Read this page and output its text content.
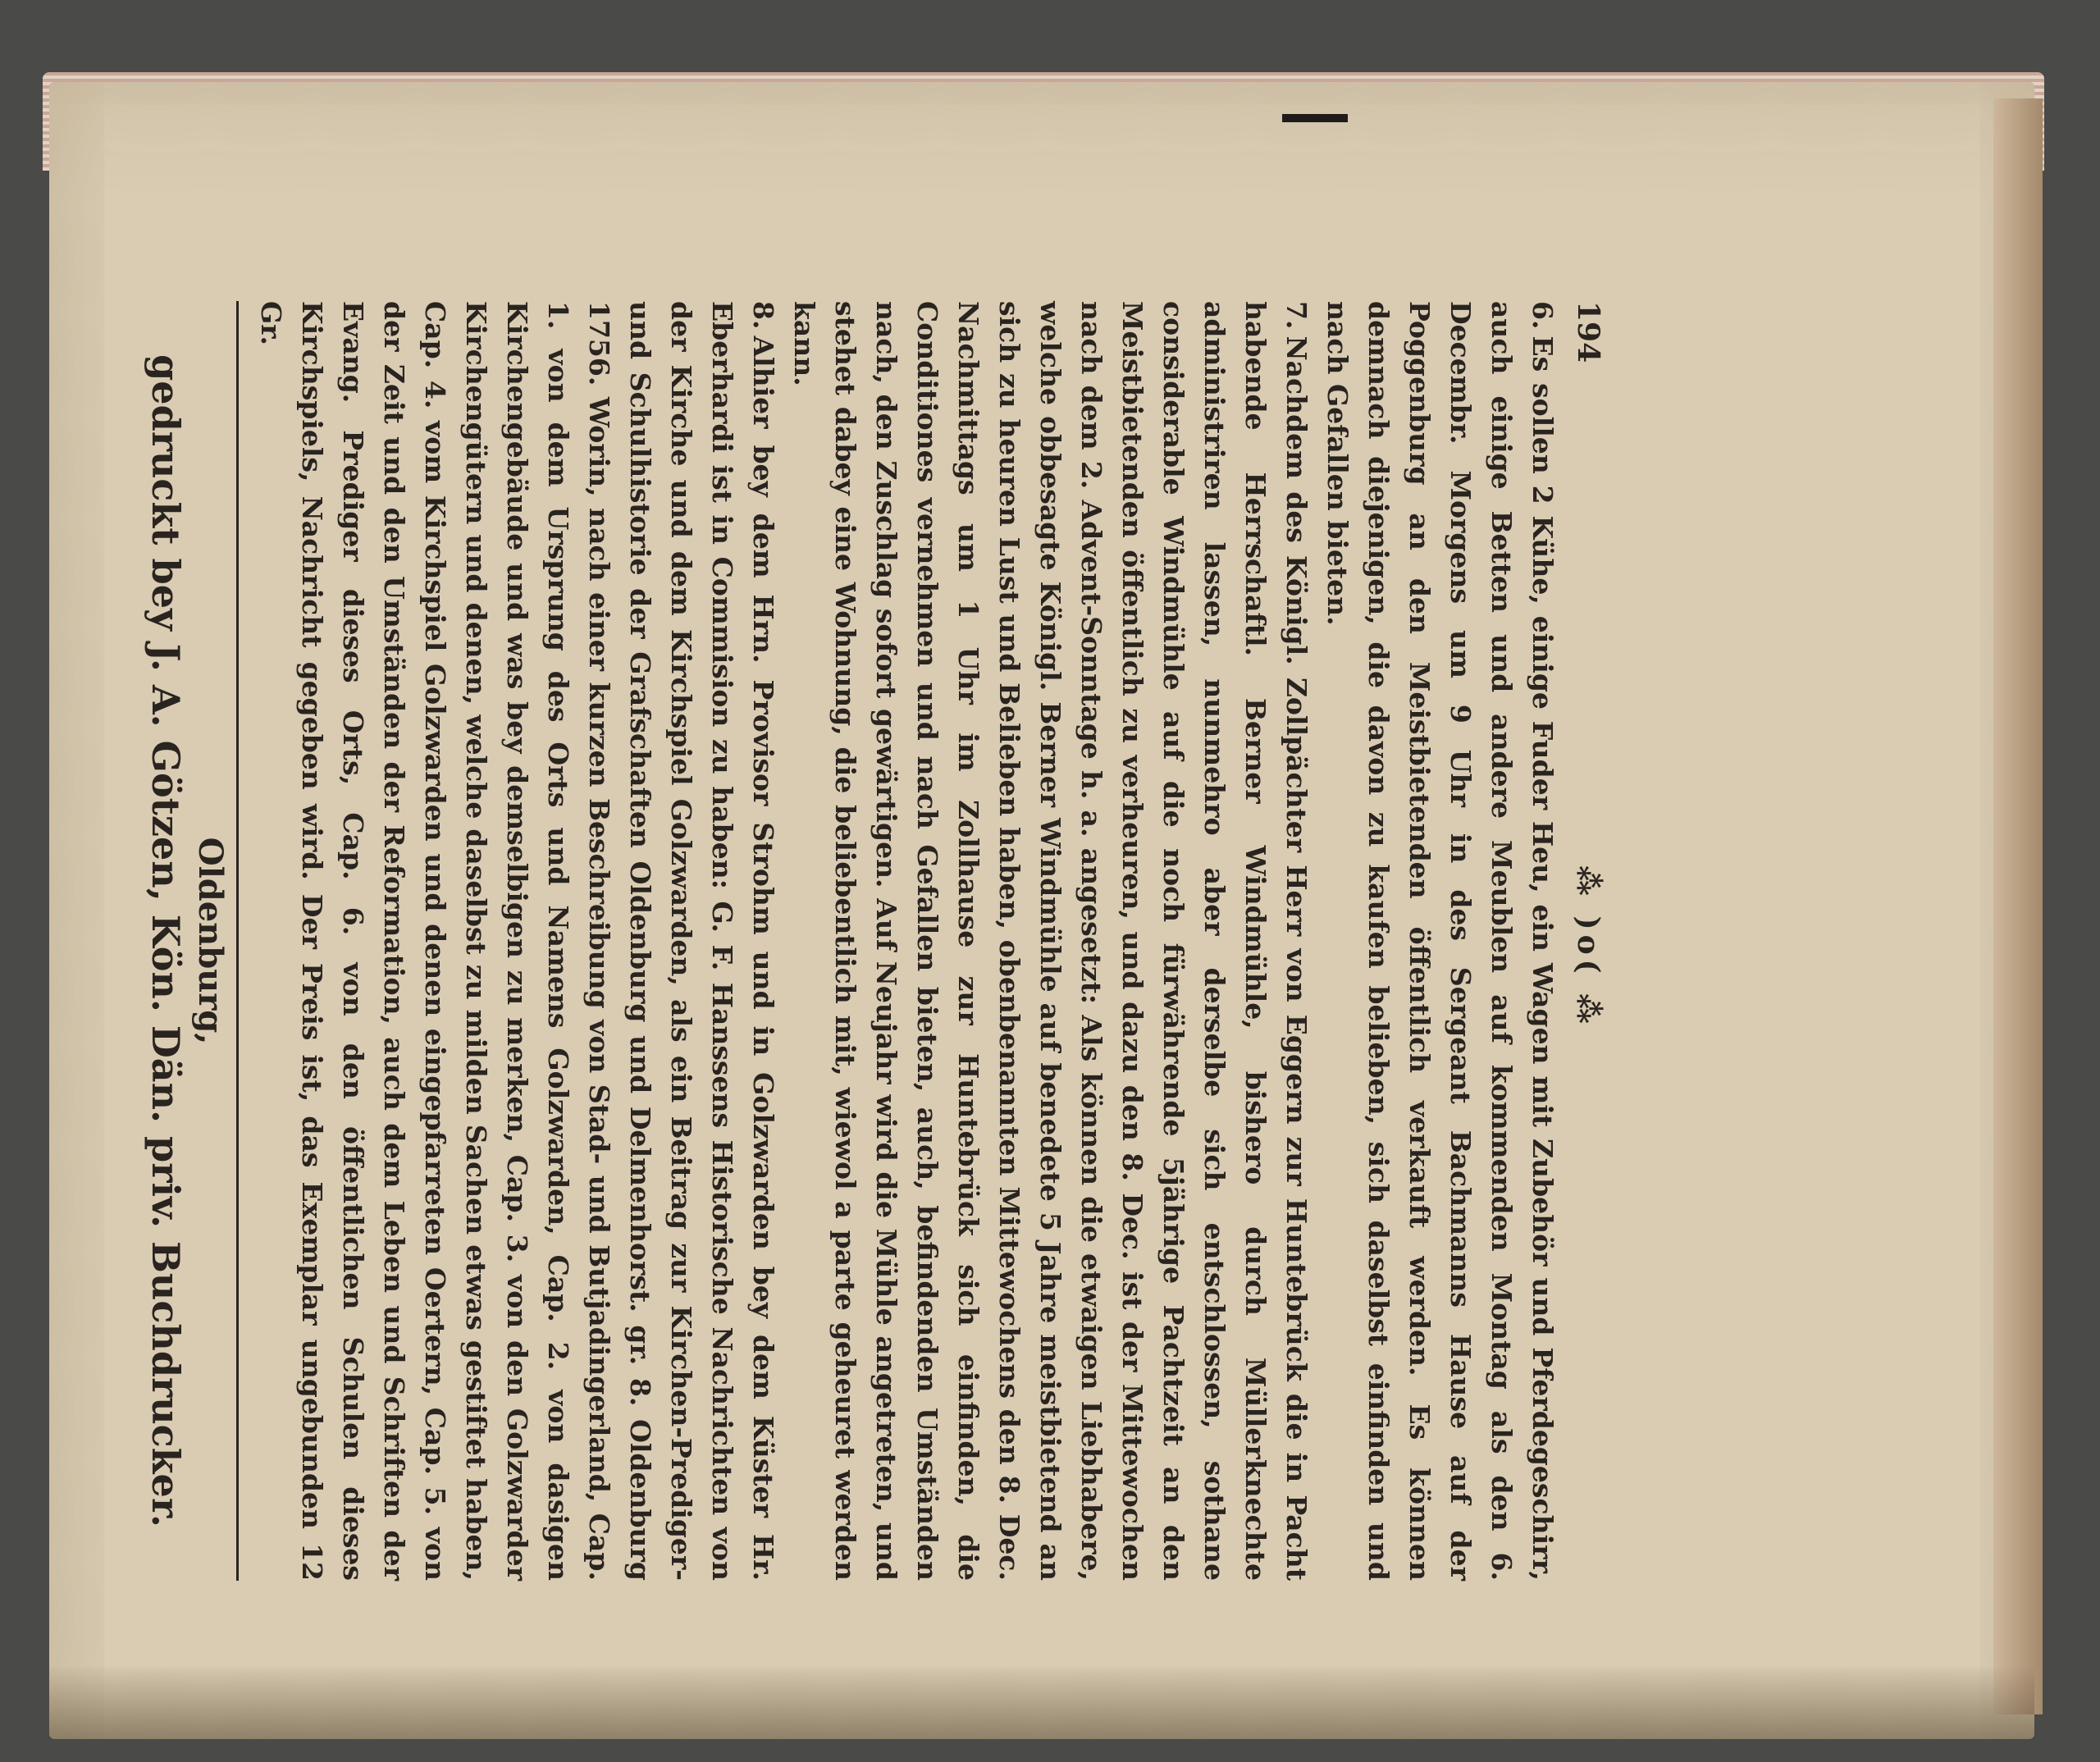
194
⁂ )o( ⁂

6.Es sollen 2 Kühe, einige Fuder Heu, ein Wagen mit Zubehör und Pferdegeschirr, auch einige Betten und andere Meublen auf kommenden Montag als den 6. Decembr. Morgens um 9 Uhr in des Sergeant Bachmanns Hause auf der Poggenburg an den Meistbietenden öffentlich verkauft werden. Es können demnach diejenigen, die davon zu kaufen belieben, sich daselbst einfinden und nach Gefallen bieten.

7.Nachdem des Königl. Zollpächter Herr von Eggern zur Huntebrück die in Pacht habende Herrschaftl. Berner Windmühle, bishero durch Müllerknechte administriren lassen, nunmehro aber derselbe sich entschlossen, sothane considerable Windmühle auf die noch fürwährende 5jährige Pachtzeit an den Meistbietenden öffentlich zu verheuren, und dazu den 8. Dec. ist der Mittewochen nach dem 2. Advent-Sonntage h. a. angesetzt: Als können die etwaigen Liebhabere, welche obbesagte Königl. Berner Windmühle auf benedete 5 Jahre meistbietend an sich zu heuren Lust und Belieben haben, obenbenannten Mittewochens den 8. Dec. Nachmittags um 1 Uhr im Zollhause zur Huntebrück sich einfinden, die Conditiones vernehmen und nach Gefallen bieten, auch, befindenden Umständen nach, den Zuschlag sofort gewärtigen. Auf Neujahr wird die Mühle angetreten, und stehet dabey eine Wohnung, die beliebentlich mit, wiewol a parte geheuret werden kann.

8.Alhier bey dem Hrn. Provisor Strohm und in Golzwarden bey dem Küster Hr. Eberhardi ist in Commision zu haben: G. F. Hanssens Historische Nachrichten von der Kirche und dem Kirchspiel Golzwarden, als ein Beitrag zur Kirchen-Prediger- und Schulhistorie der Grafschaften Oldenburg und Delmenhorst. gr. 8. Oldenburg 1756. Worin, nach einer kurzen Beschreibung von Stad- und Butjadingerland, Cap. 1. von dem Ursprung des Orts und Namens Golzwarden, Cap. 2. von dasigen Kirchengebäude und was bey demselbigen zu merken, Cap. 3. von den Golzwarder Kirchengütern und denen, welche daselbst zu milden Sachen etwas gestiftet haben, Cap. 4. vom Kirchspiel Golzwarden und denen eingepfarreten Oertern, Cap. 5. von der Zeit und den Umständen der Reformation, auch dem Leben und Schriften der Evang. Prediger dieses Orts, Cap. 6. von den öffentlichen Schulen dieses Kirchspiels, Nachricht gegeben wird. Der Preis ist, das Exemplar ungebunden 12 Gr.

Oldenburg,
gedruckt bey J. A. Götzen, Kön. Dän. priv. Buchdrucker.
